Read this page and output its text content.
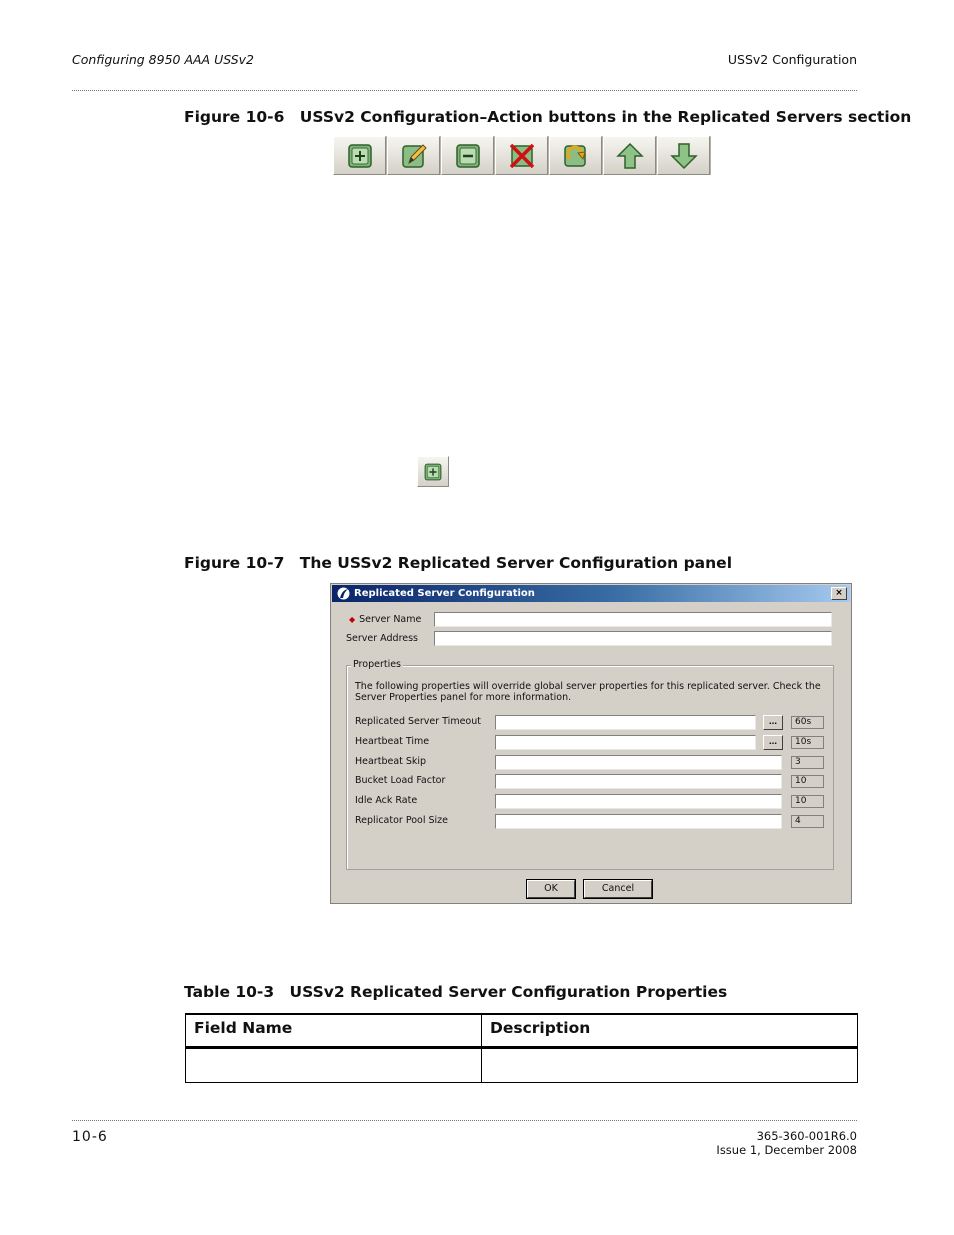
Configuring 8950 AAA USSv2	USSv2 Configuration
Figure 10-6 USSv2 Configuration–Action buttons in the Replicated Servers section
Figure 10-7 The USSv2 Replicated Server Configuration panel
Replicated Server Configuration	×
◆ Server Name
Server Address
Properties
The following properties will override global server properties for this replicated server. Check the Server Properties panel for more information.
Replicated Server Timeout	…	60s
Heartbeat Time	…	10s
Heartbeat Skip	3
Bucket Load Factor	10
Idle Ack Rate	10
Replicator Pool Size	4
OK	Cancel
Table 10-3 USSv2 Replicated Server Configuration Properties
Field Name	Description

10-6	365-360-001R6.0
Issue 1, December 2008
